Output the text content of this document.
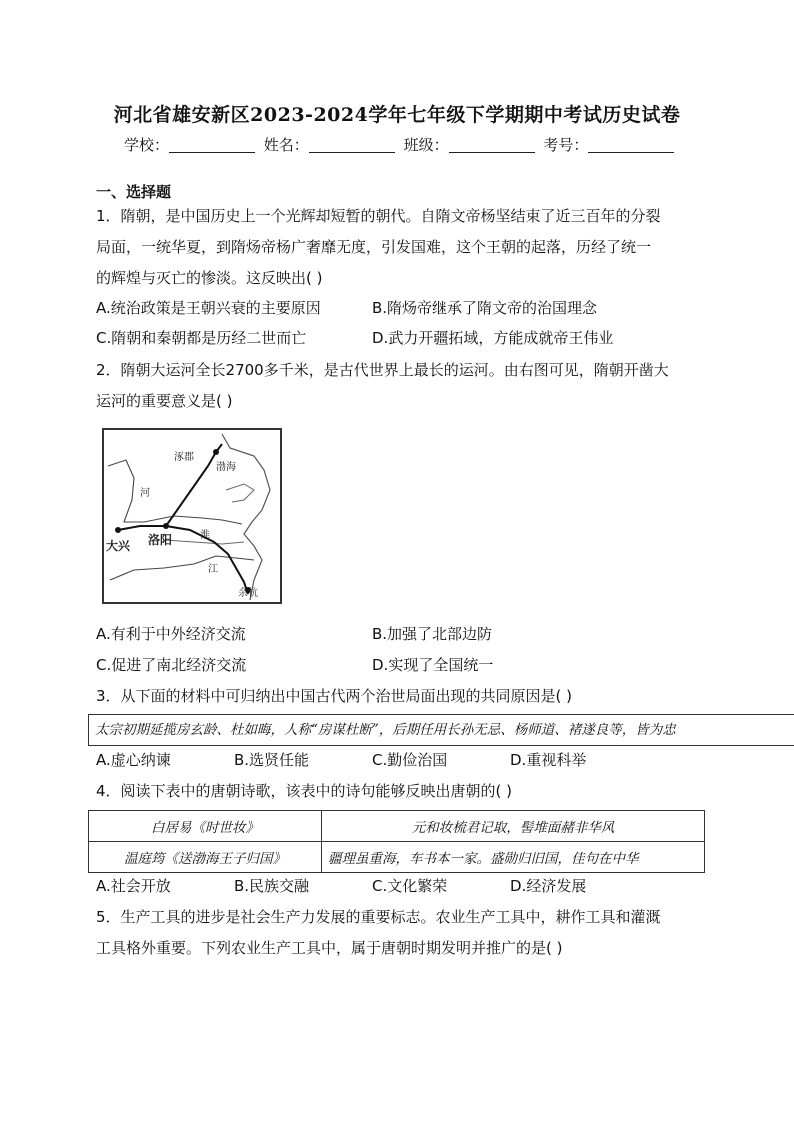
河北省雄安新区2023-2024学年七年级下学期期中考试历史试卷
学校：	姓名：	班级：	考号：
一、选择题
1．隋朝，是中国历史上一个光辉却短暂的朝代。自隋文帝杨坚结束了近三百年的分裂
局面，一统华夏，到隋炀帝杨广奢靡无度，引发国难，这个王朝的起落，历经了统一
的辉煌与灭亡的惨淡。这反映出( )
A.统治政策是王朝兴衰的主要原因	B.隋炀帝继承了隋文帝的治国理念
C.隋朝和秦朝都是历经二世而亡	D.武力开疆拓域，方能成就帝王伟业
2．隋朝大运河全长2700多千米，是古代世界上最长的运河。由右图可见，隋朝开凿大
运河的重要意义是( )
大兴 洛阳
涿郡
渤海
余杭
河
淮
江
A.有利于中外经济交流	B.加强了北部边防
C.促进了南北经济交流	D.实现了全国统一
3．从下面的材料中可归纳出中国古代两个治世局面出现的共同原因是( )
太宗初期延揽房玄龄、杜如晦，人称“房谋杜断”，后期任用长孙无忌、杨师道、褚遂良等，皆为忠
A.虚心纳谏	B.选贤任能	C.勤俭治国	D.重视科举
4．阅读下表中的唐朝诗歌，该表中的诗句能够反映出唐朝的( )
白居易《时世妆》	元和妆梳君记取，髻堆面赭非华风
温庭筠《送渤海王子归国》	疆理虽重海，车书本一家。盛勋归旧国，佳句在中华
A.社会开放	B.民族交融	C.文化繁荣	D.经济发展
5．生产工具的进步是社会生产力发展的重要标志。农业生产工具中，耕作工具和灌溉
工具格外重要。下列农业生产工具中，属于唐朝时期发明并推广的是( )
